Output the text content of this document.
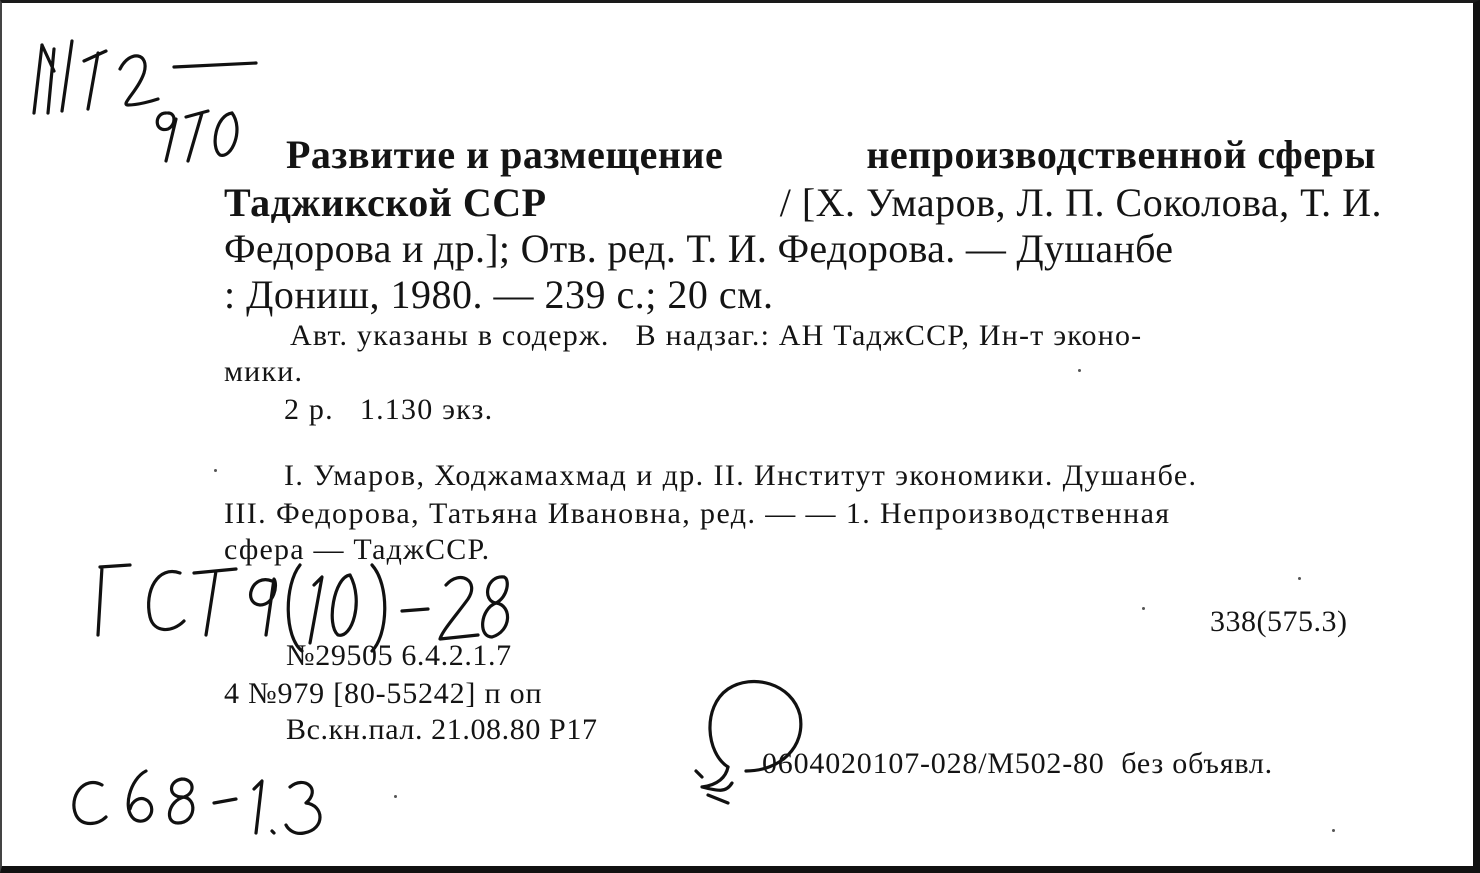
Развитие и размещение	непроизводственной сферы
Таджикской ССР	/ [Х. Умаров, Л. П. Соколова, Т. И.
Федорова и др.]; Отв. ред. Т. И. Федорова. — Душанбе
: Дониш, 1980. — 239 с.; 20 см.
Авт. указаны в содерж.   В надзаг.: АН ТаджССР, Ин-т эконо-
мики.
2 р.   1.130 экз.
I. Умаров, Ходжамахмад и др. II. Институт экономики. Душанбе.
III. Федорова, Татьяна Ивановна, ред. — — 1. Непроизводственная
сфера — ТаджССР.
338(575.3)
№29505 6.4.2.1.7
4 №979 [80-55242] п оп
Вс.кн.пал. 21.08.80 Р17
0604020107-028/М502-80  без объявл.
